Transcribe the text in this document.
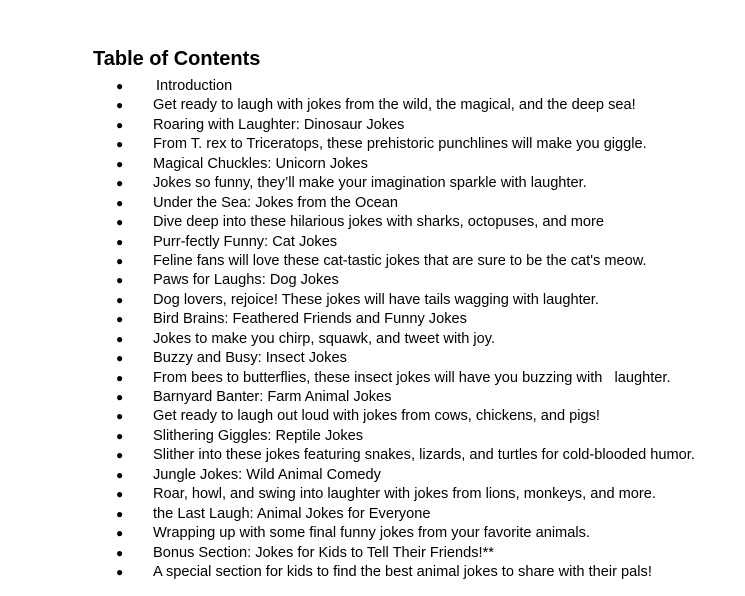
Table of Contents
● Introduction
● Get ready to laugh with jokes from the wild, the magical, and the deep sea!
● Roaring with Laughter: Dinosaur Jokes
● From T. rex to Triceratops, these prehistoric punchlines will make you giggle.
● Magical Chuckles: Unicorn Jokes
● Jokes so funny, they’ll make your imagination sparkle with laughter.
● Under the Sea: Jokes from the Ocean
● Dive deep into these hilarious jokes with sharks, octopuses, and more
● Purr-fectly Funny: Cat Jokes
● Feline fans will love these cat-tastic jokes that are sure to be the cat's meow.
● Paws for Laughs: Dog Jokes
● Dog lovers, rejoice! These jokes will have tails wagging with laughter.
● Bird Brains: Feathered Friends and Funny Jokes
● Jokes to make you chirp, squawk, and tweet with joy.
● Buzzy and Busy: Insect Jokes
● From bees to butterflies, these insect jokes will have you buzzing with   laughter.
● Barnyard Banter: Farm Animal Jokes
● Get ready to laugh out loud with jokes from cows, chickens, and pigs!
● Slithering Giggles: Reptile Jokes
● Slither into these jokes featuring snakes, lizards, and turtles for cold-blooded humor.
● Jungle Jokes: Wild Animal Comedy
● Roar, howl, and swing into laughter with jokes from lions, monkeys, and more.
● the Last Laugh: Animal Jokes for Everyone
● Wrapping up with some final funny jokes from your favorite animals.
● Bonus Section: Jokes for Kids to Tell Their Friends!**
● A special section for kids to find the best animal jokes to share with their pals!
